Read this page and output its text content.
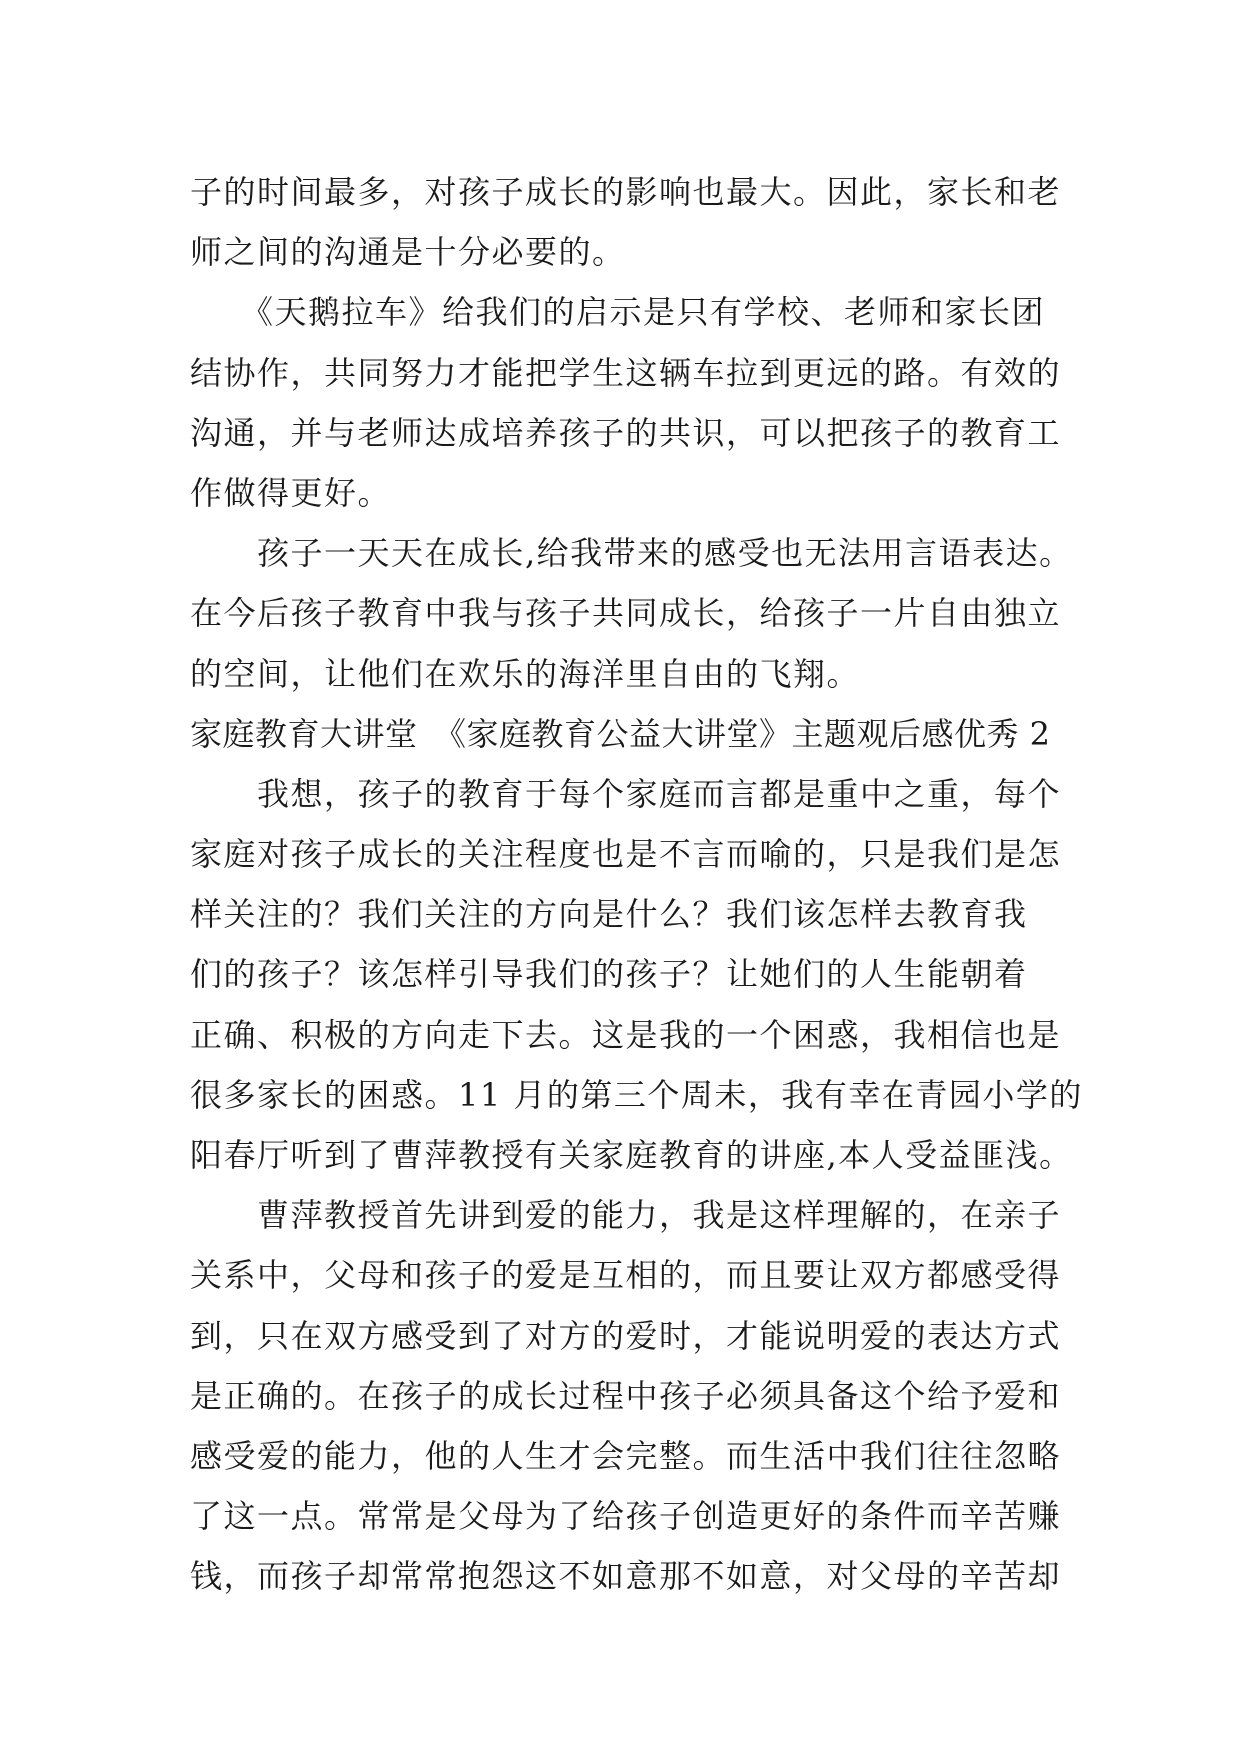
子的时间最多，对孩子成长的影响也最大。因此，家长和老
师之间的沟通是十分必要的。
　　《天鹅拉车》给我们的启示是只有学校、老师和家长团
结协作，共同努力才能把学生这辆车拉到更远的路。有效的
沟通，并与老师达成培养孩子的共识，可以把孩子的教育工
作做得更好。
　　孩子一天天在成长,给我带来的感受也无法用言语表达。
在今后孩子教育中我与孩子共同成长，给孩子一片自由独立
的空间，让他们在欢乐的海洋里自由的飞翔。
家庭教育大讲堂　《家庭教育公益大讲堂》主题观后感优秀 2
　　我想，孩子的教育于每个家庭而言都是重中之重，每个
家庭对孩子成长的关注程度也是不言而喻的，只是我们是怎
样关注的？我们关注的方向是什么？我们该怎样去教育我
们的孩子？该怎样引导我们的孩子？让她们的人生能朝着
正确、积极的方向走下去。这是我的一个困惑，我相信也是
很多家长的困惑。11 月的第三个周未，我有幸在青园小学的
阳春厅听到了曹萍教授有关家庭教育的讲座,本人受益匪浅。
　　曹萍教授首先讲到爱的能力，我是这样理解的，在亲子
关系中，父母和孩子的爱是互相的，而且要让双方都感受得
到，只在双方感受到了对方的爱时，才能说明爱的表达方式
是正确的。在孩子的成长过程中孩子必须具备这个给予爱和
感受爱的能力，他的人生才会完整。而生活中我们往往忽略
了这一点。常常是父母为了给孩子创造更好的条件而辛苦赚
钱，而孩子却常常抱怨这不如意那不如意，对父母的辛苦却
